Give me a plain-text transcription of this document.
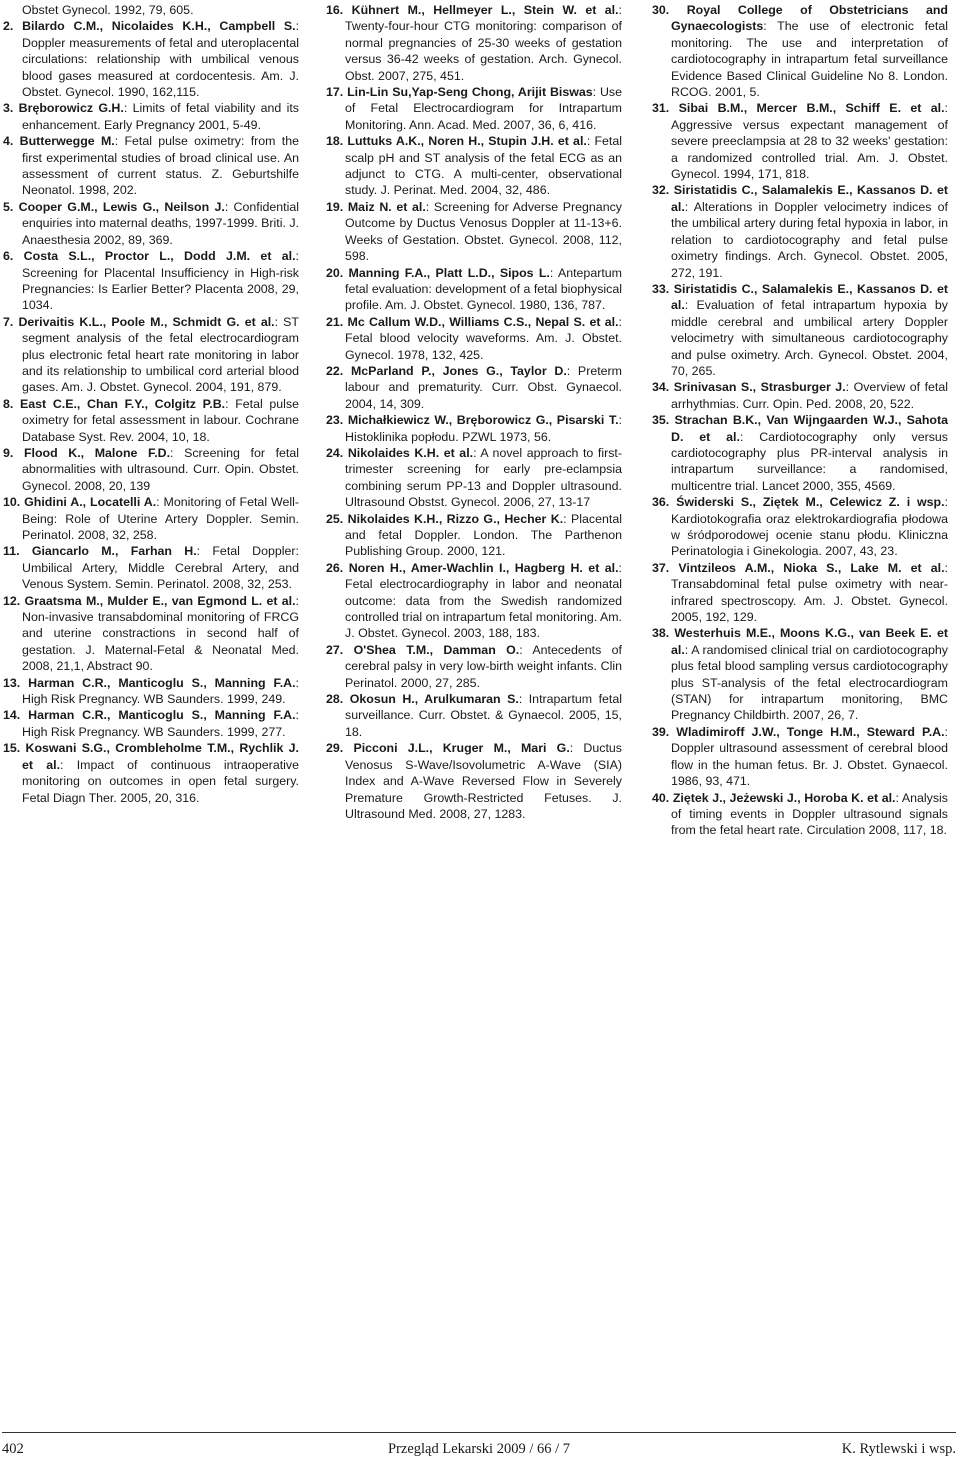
Obstet Gynecol. 1992, 79, 605.

2. Bilardo C.M., Nicolaides K.H., Campbell S.: Doppler measurements of fetal and uteroplacental circulations: relationship with umbilical venous blood gases measured at cordocentesis. Am. J. Obstet. Gynecol. 1990, 162,115.

3. Bręborowicz G.H.: Limits of fetal viability and its enhancement. Early Pregnancy 2001, 5-49.

4. Butterwegge M.: Fetal pulse oximetry: from the first experimental studies of broad clinical use. An assessment of current status. Z. Geburtshilfe Neonatol. 1998, 202.

5. Cooper G.M., Lewis G., Neilson J.: Confidential enquiries into maternal deaths, 1997-1999. Briti. J. Anaesthesia 2002, 89, 369.

6. Costa S.L., Proctor L., Dodd J.M. et al.: Screening for Placental Insufficiency in High-risk Pregnancies: Is Earlier Better? Placenta 2008, 29, 1034.

7. Derivaitis K.L., Poole M., Schmidt G. et al.: ST segment analysis of the fetal electrocardiogram plus electronic fetal heart rate monitoring in labor and its relationship to umbilical cord arterial blood gases. Am. J. Obstet. Gynecol. 2004, 191, 879.

8. East C.E., Chan F.Y., Colgitz P.B.: Fetal pulse oximetry for fetal assessment in labour. Cochrane Database Syst. Rev. 2004, 10, 18.

9. Flood K., Malone F.D.: Screening for fetal abnormalities with ultrasound. Curr. Opin. Obstet. Gynecol. 2008, 20, 139

10. Ghidini A., Locatelli A.: Monitoring of Fetal Well-Being: Role of Uterine Artery Doppler. Semin. Perinatol. 2008, 32, 258.

11. Giancarlo M., Farhan H.: Fetal Doppler: Umbilical Artery, Middle Cerebral Artery, and Venous System. Semin. Perinatol. 2008, 32, 253.

12. Graatsma M., Mulder E., van Egmond L. et al.: Non-invasive transabdominal monitoring of FRCG and uterine constractions in second half of gestation. J. Maternal-Fetal & Neonatal Med. 2008, 21,1, Abstract 90.

13. Harman C.R., Manticoglu S., Manning F.A.: High Risk Pregnancy. WB Saunders. 1999, 249.

14. Harman C.R., Manticoglu S., Manning F.A.: High Risk Pregnancy. WB Saunders. 1999, 277.

15. Koswani S.G., Crombleholme T.M., Rychlik J. et al.: Impact of continuous intraoperative monitoring on outcomes in open fetal surgery. Fetal Diagn Ther. 2005, 20, 316.

16. Kühnert M., Hellmeyer L., Stein W. et al.: Twenty-four-hour CTG monitoring: comparison of normal pregnancies of 25-30 weeks of gestation versus 36-42 weeks of gestation. Arch. Gynecol. Obst. 2007, 275, 451.

17. Lin-Lin Su,Yap-Seng Chong, Arijit Biswas: Use of Fetal Electrocardiogram for Intrapartum Monitoring. Ann. Acad. Med. 2007, 36, 6, 416.

18. Luttuks A.K., Noren H., Stupin J.H. et al.: Fetal scalp pH and ST analysis of the fetal ECG as an adjunct to CTG. A multi-center, observational study. J. Perinat. Med. 2004, 32, 486.

19. Maiz N. et al.: Screening for Adverse Pregnancy Outcome by Ductus Venosus Doppler at 11-13+6. Weeks of Gestation. Obstet. Gynecol. 2008, 112, 598.

20. Manning F.A., Platt L.D., Sipos L.: Antepartum fetal evaluation: development of a fetal biophysical profile. Am. J. Obstet. Gynecol. 1980, 136, 787.

21. Mc Callum W.D., Williams C.S., Nepal S. et al.: Fetal blood velocity waveforms. Am. J. Obstet. Gynecol. 1978, 132, 425.

22. McParland P., Jones G., Taylor D.: Preterm labour and prematurity. Curr. Obst. Gynaecol. 2004, 14, 309.

23. Michałkiewicz W., Bręborowicz G., Pisarski T.: Histoklinika popłodu. PZWL 1973, 56.

24. Nikolaides K.H. et al.: A novel approach to first-trimester screening for early pre-eclampsia combining serum PP-13 and Doppler ultrasound. Ultrasound Obstst. Gynecol. 2006, 27, 13-17

25. Nikolaides K.H., Rizzo G., Hecher K.: Placental and fetal Doppler. London. The Parthenon Publishing Group. 2000, 121.

26. Noren H., Amer-Wachlin I., Hagberg H. et al.: Fetal electrocardiography in labor and neonatal outcome: data from the Swedish randomized controlled trial on intrapartum fetal monitoring. Am. J. Obstet. Gynecol. 2003, 188, 183.

27. O'Shea T.M., Damman O.: Antecedents of cerebral palsy in very low-birth weight infants. Clin Perinatol. 2000, 27, 285.

28. Okosun H., Arulkumaran S.: Intrapartum fetal surveillance. Curr. Obstet. & Gynaecol. 2005, 15, 18.

29. Picconi J.L., Kruger M., Mari G.: Ductus Venosus S-Wave/Isovolumetric A-Wave (SIA) Index and A-Wave Reversed Flow in Severely Premature Growth-Restricted Fetuses. J. Ultrasound Med. 2008, 27, 1283.

30. Royal College of Obstetricians and Gynaecologists: The use of electronic fetal monitoring. The use and interpretation of cardiotocography in intrapartum fetal surveillance Evidence Based Clinical Guideline No 8. London. RCOG. 2001, 5.

31. Sibai B.M., Mercer B.M., Schiff E. et al.: Aggressive versus expectant management of severe preeclampsia at 28 to 32 weeks' gestation: a randomized controlled trial. Am. J. Obstet. Gynecol. 1994, 171, 818.

32. Siristatidis C., Salamalekis E., Kassanos D. et al.: Alterations in Doppler velocimetry indices of the umbilical artery during fetal hypoxia in labor, in relation to cardiotocography and fetal pulse oximetry findings. Arch. Gynecol. Obstet. 2005, 272, 191.

33. Siristatidis C., Salamalekis E., Kassanos D. et al.: Evaluation of fetal intrapartum hypoxia by middle cerebral and umbilical artery Doppler velocimetry with simultaneous cardiotocography and pulse oximetry. Arch. Gynecol. Obstet. 2004, 70, 265.

34. Srinivasan S., Strasburger J.: Overview of fetal arrhythmias. Curr. Opin. Ped. 2008, 20, 522.

35. Strachan B.K., Van Wijngaarden W.J., Sahota D. et al.: Cardiotocography only versus cardiotocography plus PR-interval analysis in intrapartum surveillance: a randomised, multicentre trial. Lancet 2000, 355, 4569.

36. Świderski S., Ziętek M., Celewicz Z. i wsp.: Kardiotokografia oraz elektrokardiografia płodowa w śródporodowej ocenie stanu płodu. Kliniczna Perinatologia i Ginekologia. 2007, 43, 23.

37. Vintzileos A.M., Nioka S., Lake M. et al.: Transabdominal fetal pulse oximetry with near-infrared spectroscopy. Am. J. Obstet. Gynecol. 2005, 192, 129.

38. Westerhuis M.E., Moons K.G., van Beek E. et al.: A randomised clinical trial on cardiotocography plus fetal blood sampling versus cardiotocography plus ST-analysis of the fetal electrocardiogram (STAN) for intrapartum monitoring, BMC Pregnancy Childbirth. 2007, 26, 7.

39. Wladimiroff J.W., Tonge H.M., Steward P.A.: Doppler ultrasound assessment of cerebral blood flow in the human fetus. Br. J. Obstet. Gynaecol. 1986, 93, 471.

40. Ziętek J., Jeżewski J., Horoba K. et al.: Analysis of timing events in Doppler ultrasound signals from the fetal heart rate. Circulation 2008, 117, 18.

402	Przegląd Lekarski 2009 / 66 / 7	K. Rytlewski i wsp.
